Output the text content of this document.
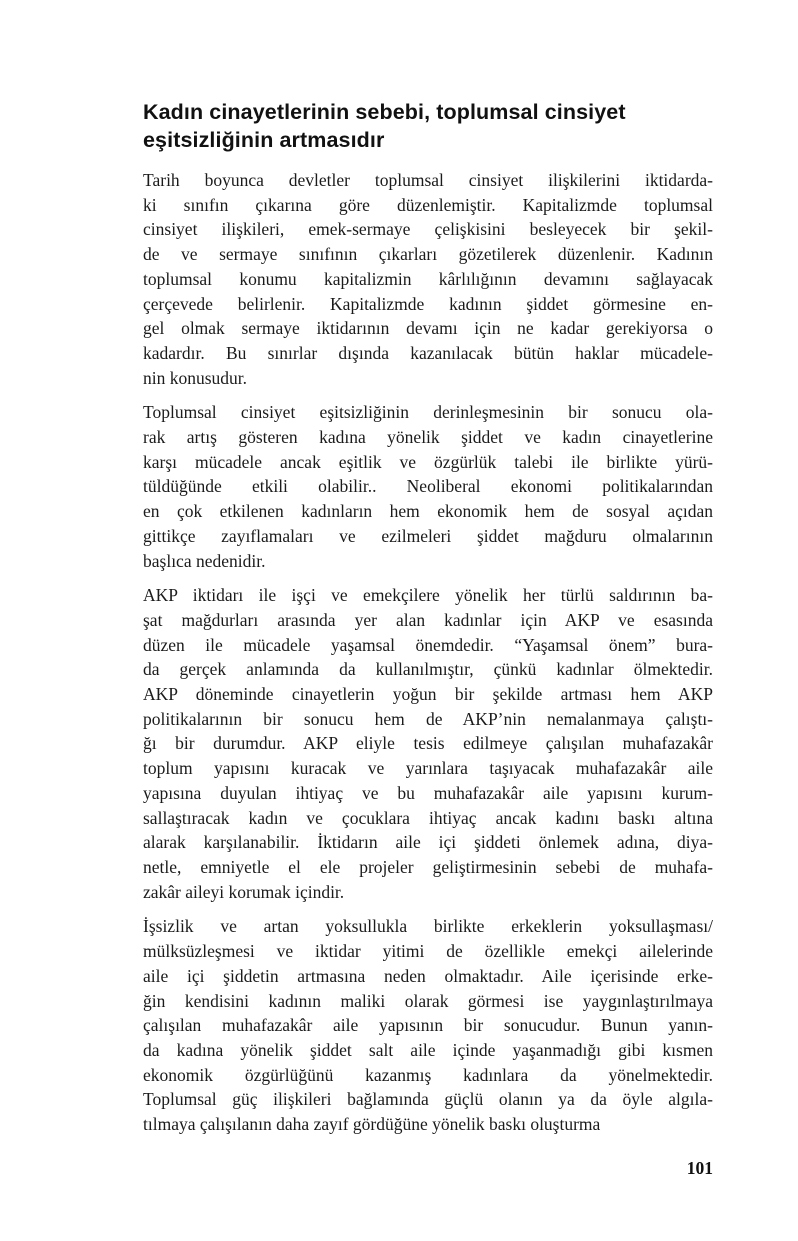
Kadın cinayetlerinin sebebi, toplumsal cinsiyet
eşitsizliğinin artmasıdır
Tarih boyunca devletler toplumsal cinsiyet ilişkilerini iktidarda-
ki sınıfın çıkarına göre düzenlemiştir. Kapitalizmde toplumsal
cinsiyet ilişkileri, emek-sermaye çelişkisini besleyecek bir şekil-
de ve sermaye sınıfının çıkarları gözetilerek düzenlenir. Kadının
toplumsal konumu kapitalizmin kârlılığının devamını sağlayacak
çerçevede belirlenir. Kapitalizmde kadının şiddet görmesine en-
gel olmak sermaye iktidarının devamı için ne kadar gerekiyorsa o
kadardır. Bu sınırlar dışında kazanılacak bütün haklar mücadele-
nin konusudur.
Toplumsal cinsiyet eşitsizliğinin derinleşmesinin bir sonucu ola-
rak artış gösteren kadına yönelik şiddet ve kadın cinayetlerine
karşı mücadele ancak eşitlik ve özgürlük talebi ile birlikte yürü-
tüldüğünde etkili olabilir.. Neoliberal ekonomi politikalarından
en çok etkilenen kadınların hem ekonomik hem de sosyal açıdan
gittikçe zayıflamaları ve ezilmeleri şiddet mağduru olmalarının
başlıca nedenidir.
AKP iktidarı ile işçi ve emekçilere yönelik her türlü saldırının ba-
şat mağdurları arasında yer alan kadınlar için AKP ve esasında
düzen ile mücadele yaşamsal önemdedir. “Yaşamsal önem” bura-
da gerçek anlamında da kullanılmıştır, çünkü kadınlar ölmektedir.
AKP döneminde cinayetlerin yoğun bir şekilde artması hem AKP
politikalarının bir sonucu hem de AKP’nin nemalanmaya çalıştı-
ğı bir durumdur. AKP eliyle tesis edilmeye çalışılan muhafazakâr
toplum yapısını kuracak ve yarınlara taşıyacak muhafazakâr aile
yapısına duyulan ihtiyaç ve bu muhafazakâr aile yapısını kurum-
sallaştıracak kadın ve çocuklara ihtiyaç ancak kadını baskı altına
alarak karşılanabilir. İktidarın aile içi şiddeti önlemek adına, diya-
netle, emniyetle el ele projeler geliştirmesinin sebebi de muhafa-
zakâr aileyi korumak içindir.
İşsizlik ve artan yoksullukla birlikte erkeklerin yoksullaşması/
mülksüzleşmesi ve iktidar yitimi de özellikle emekçi ailelerinde
aile içi şiddetin artmasına neden olmaktadır. Aile içerisinde erke-
ğin kendisini kadının maliki olarak görmesi ise yaygınlaştırılmaya
çalışılan muhafazakâr aile yapısının bir sonucudur. Bunun yanın-
da kadına yönelik şiddet salt aile içinde yaşanmadığı gibi kısmen
ekonomik özgürlüğünü kazanmış kadınlara da yönelmektedir.
Toplumsal güç ilişkileri bağlamında güçlü olanın ya da öyle algıla-
tılmaya çalışılanın daha zayıf gördüğüne yönelik baskı oluşturma
101
